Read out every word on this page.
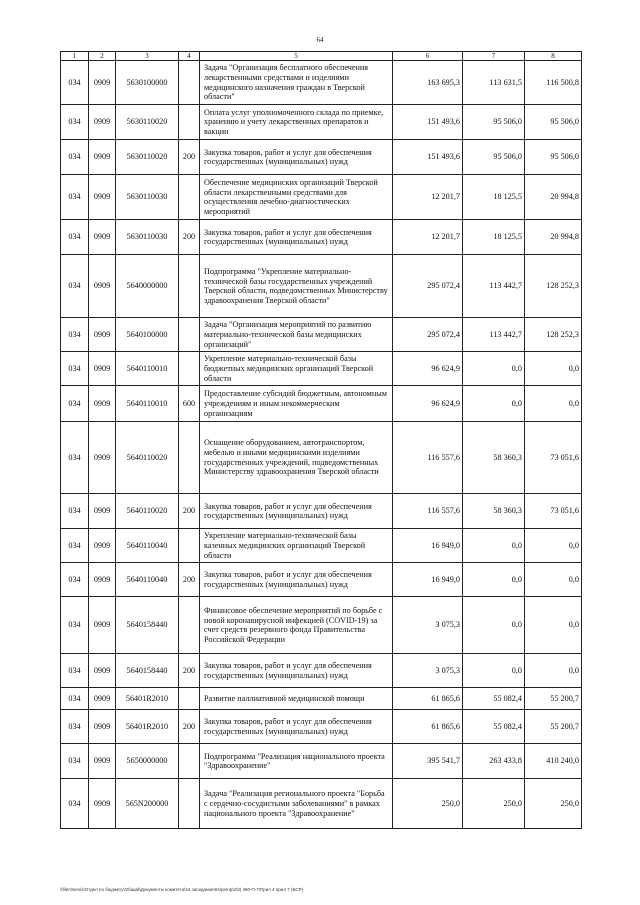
64
1	2	3	4	5	6	7	8
034	0909	5630100000		Задача "Организация бесплатного обеспечения лекарственными средствами и изделиями медицинского назначения граждан в Тверской области"	163 695,3	113 631,5	116 500,8
034	0909	5630110020		Оплата услуг уполномоченного склада по приемке, хранению и учету лекарственных препаратов и вакцин	151 493,6	95 506,0	95 506,0
034	0909	5630110020	200	Закупка товаров, работ и услуг для обеспечения государственных (муниципальных) нужд	151 493,6	95 506,0	95 506,0
034	0909	5630110030		Обеспечение медицинских организаций Тверской области лекарственными средствами для осуществления лечебно-диагностических мероприятий	12 201,7	18 125,5	20 994,8
034	0909	5630110030	200	Закупка товаров, работ и услуг для обеспечения государственных (муниципальных) нужд	12 201,7	18 125,5	20 994,8
034	0909	5640000000		Подпрограмма "Укрепление материально-технической базы государственных учреждений Тверской области, подведомственных Министерству здравоохранения Тверской области"	295 072,4	113 442,7	128 252,3
034	0909	5640100000		Задача "Организация мероприятий по развитию материально-технической базы медицинских организаций"	295 072,4	113 442,7	128 252,3
034	0909	5640110010		Укрепление материально-технической базы бюджетных медицинских организаций Тверской области	96 624,9	0,0	0,0
034	0909	5640110010	600	Предоставление субсидий бюджетным, автономным учреждениям и иным некоммерческим организациям	96 624,9	0,0	0,0
034	0909	5640110020		Оснащение оборудованием, автотранспортом, мебелью и иными медицинскими изделиями государственных учреждений, подведомственных Министерству здравоохранения Тверской области	116 557,6	58 360,3	73 051,6
034	0909	5640110020	200	Закупка товаров, работ и услуг для обеспечения государственных (муниципальных) нужд	116 557,6	58 360,3	73 051,6
034	0909	5640110040		Укрепление материально-технической базы казенных медицинских организаций Тверской области	16 949,0	0,0	0,0
034	0909	5640110040	200	Закупка товаров, работ и услуг для обеспечения государственных (муниципальных) нужд	16 949,0	0,0	0,0
034	0909	5640158440		Финансовое обеспечение мероприятий по борьбе с новой коронавирусной инфекцией (COVID-19) за счет средств резервного фонда Правительства Российской Федерации	3 075,3	0,0	0,0
034	0909	5640158440	200	Закупка товаров, работ и услуг для обеспечения государственных (муниципальных) нужд	3 075,3	0,0	0,0
034	0909	56401R2010		Развитие паллиативной медицинской помощи	61 865,6	55 082,4	55 200,7
034	0909	56401R2010	200	Закупка товаров, работ и услуг для обеспечения государственных (муниципальных) нужд	61 865,6	55 082,4	55 200,7
034	0909	5650000000		Подпрограмма "Реализация национального проекта "Здравоохранение"	395 541,7	263 433,8	410 240,0
034	0909	565N200000		Задача "Реализация регионального проекта "Борьба с сердечно-сосудистыми заболеваниями" в рамках национального проекта "Здравоохранение"	250,0	250,0	250,0
\\filer\Servis\Отдел по бюджету\Общий\Документы комитета\24 заседание\04\ре\пр\2\3) 460-П-7\Прил 4 прил 7 (БСР)
